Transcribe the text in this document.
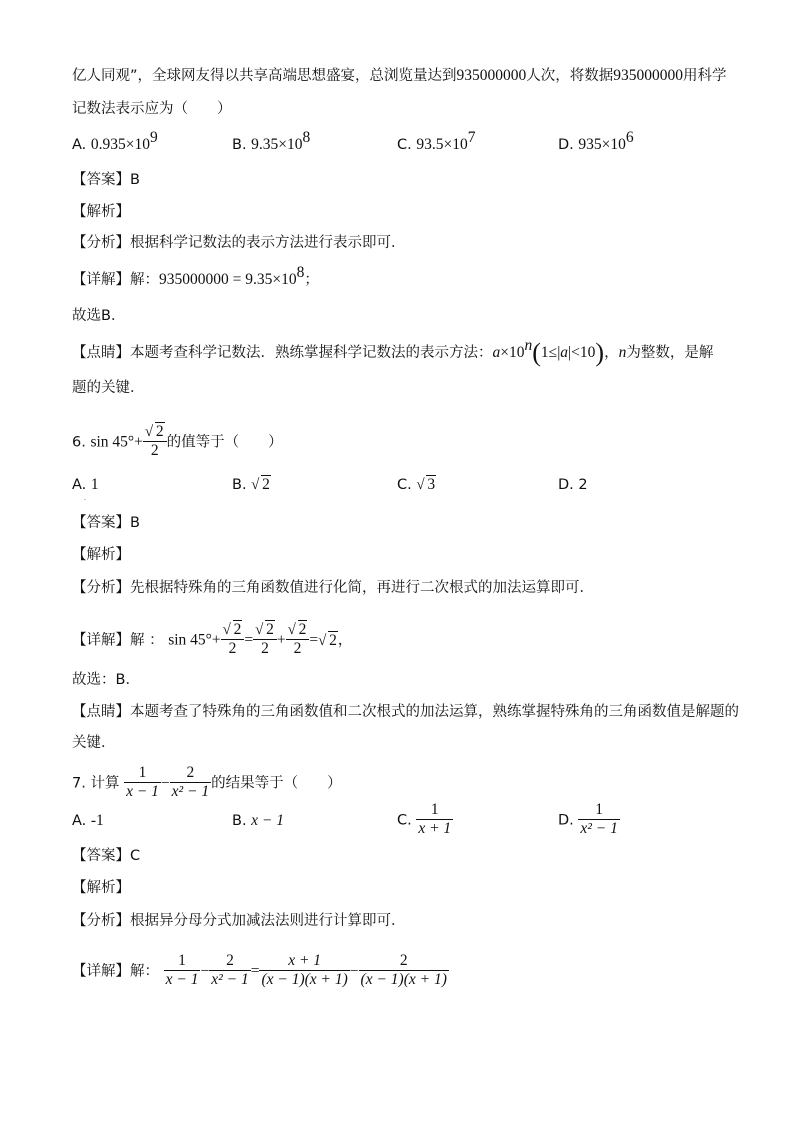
亿人同观”，全球网友得以共享高端思想盛宴，总浏览量达到935000000人次，将数据935000000用科学
记数法表示应为（　　）
A. $0.935\times 10^9$	B. $9.35\times 10^8$	C. $93.5\times 10^7$	D. $935\times 10^6$
【答案】B
【解析】
【分析】根据科学记数法的表示方法进行表示即可．
【详解】解：$935000000 = 9.35\times 10^8$；
故选B．
【点睛】本题考查科学记数法．熟练掌握科学记数法的表示方法：$a\times 10^n(1\le|a|<10)$，n为整数，是解
题的关键．
6. $\sin 45^\circ+ \frac{√ 2}{2}$ 的值等于（　　）
A. 1
.
B. √ 2	C. √ 3	D. 2
【答案】B
【解析】
【分析】先根据特殊角的三角函数值进行化简，再进行二次根式的加法运算即可．
【详解】解 ： $\sin 45^\circ+ \frac{√ 2}{2} = \frac{√ 2}{2} + \frac{√ 2}{2}$ = √ 2，
故选：B．
【点睛】本题考查了特殊角的三角函数值和二次根式的加法运算，熟练掌握特殊角的三角函数值是解题的
关键．
7. 计算 $\frac{1}{x - 1} - \frac{2}{\text{x² − 1}}$ 的结果等于（　　）
A. -1	B. x − 1	C. $\frac{1}{x + 1}$	D. $\frac{1}{\text{x² − 1}}$
【答案】C
【解析】
【分析】根据异分母分式加减法法则进行计算即可．
【详解】解： $\frac{1}{x - 1} - \frac{2}{\text{x² − 1}} = \frac{x + 1}{(x - 1)(x + 1)} - \frac{2}{(x - 1)(x + 1)}$
